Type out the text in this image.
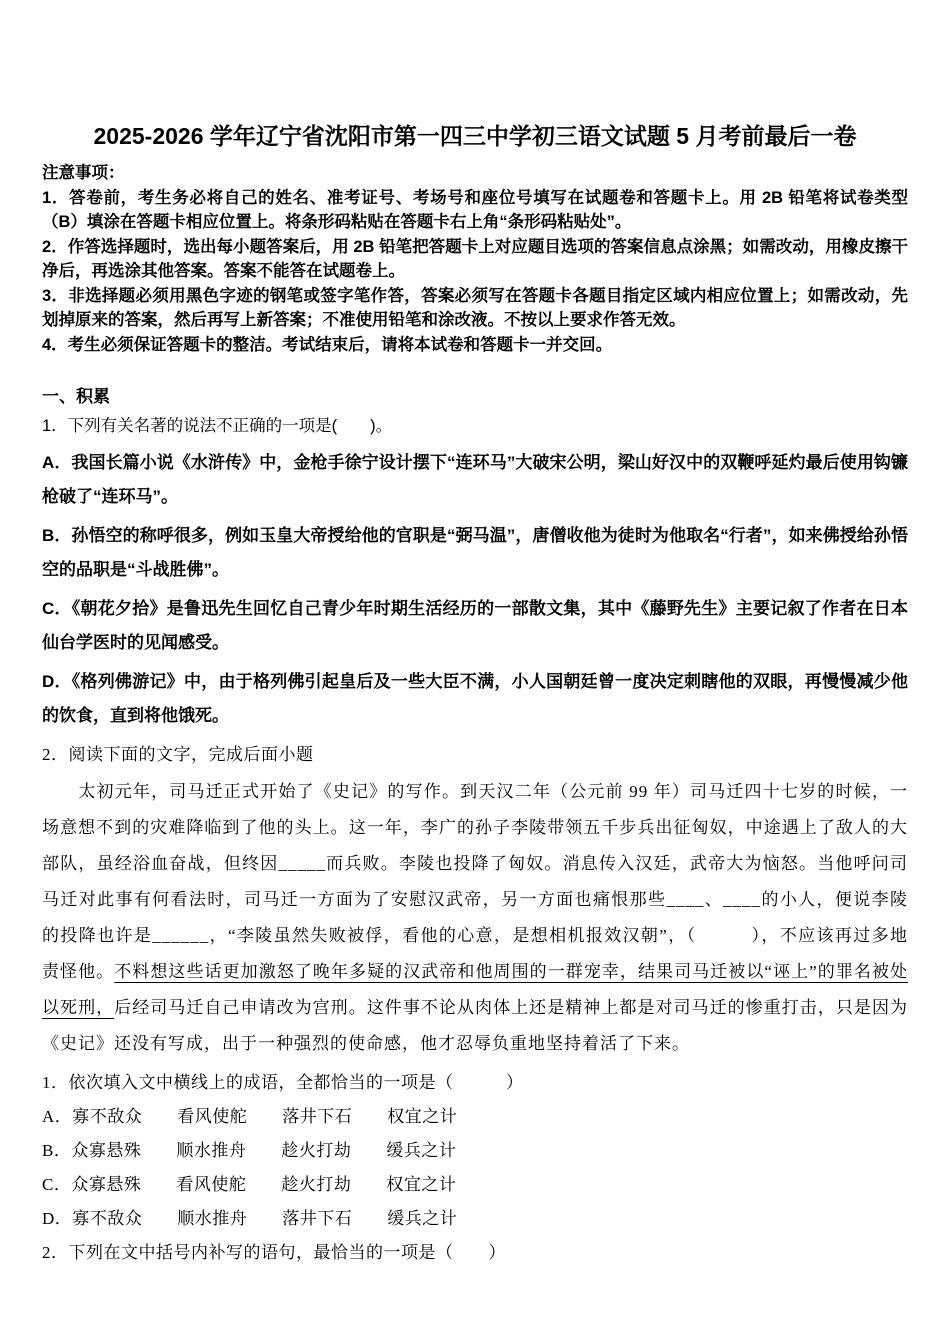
2025-2026 学年辽宁省沈阳市第一四三中学初三语文试题 5 月考前最后一卷
注意事项：
1．答卷前，考生务必将自己的姓名、准考证号、考场号和座位号填写在试题卷和答题卡上。用 2B 铅笔将试卷类型（B）填涂在答题卡相应位置上。将条形码粘贴在答题卡右上角“条形码粘贴处”。
2．作答选择题时，选出每小题答案后，用 2B 铅笔把答题卡上对应题目选项的答案信息点涂黑；如需改动，用橡皮擦干净后，再选涂其他答案。答案不能答在试题卷上。
3．非选择题必须用黑色字迹的钢笔或签字笔作答，答案必须写在答题卡各题目指定区域内相应位置上；如需改动，先划掉原来的答案，然后再写上新答案；不准使用铅笔和涂改液。不按以上要求作答无效。
4．考生必须保证答题卡的整洁。考试结束后，请将本试卷和答题卡一并交回。
一、积累
1．下列有关名著的说法不正确的一项是(　　)。
A．我国长篇小说《水浒传》中，金枪手徐宁设计摆下“连环马”大破宋公明，梁山好汉中的双鞭呼延灼最后使用钩镰枪破了“连环马”。
B．孙悟空的称呼很多，例如玉皇大帝授给他的官职是“弼马温”，唐僧收他为徒时为他取名“行者”，如来佛授给孙悟空的品职是“斗战胜佛”。
C．《朝花夕拾》是鲁迅先生回忆自己青少年时期生活经历的一部散文集，其中《藤野先生》主要记叙了作者在日本仙台学医时的见闻感受。
D．《格列佛游记》中，由于格列佛引起皇后及一些大臣不满，小人国朝廷曾一度决定刺瞎他的双眼，再慢慢减少他的饮食，直到将他饿死。
2．阅读下面的文字，完成后面小题
　　太初元年，司马迁正式开始了《史记》的写作。到天汉二年（公元前 99 年）司马迁四十七岁的时候，一场意想不到的灾难降临到了他的头上。这一年，李广的孙子李陵带领五千步兵出征匈奴，中途遇上了敌人的大部队，虽经浴血奋战，但终因_____而兵败。李陵也投降了匈奴。消息传入汉廷，武帝大为恼怒。当他呼问司马迁对此事有何看法时，司马迁一方面为了安慰汉武帝，另一方面也痛恨那些____、____的小人，便说李陵的投降也许是______，“李陵虽然失败被俘，看他的心意，是想相机报效汉朝”，（　　　），不应该再过多地责怪他。不料想这些话更加激怒了晚年多疑的汉武帝和他周围的一群宠幸，结果司马迁被以“诬上”的罪名被处以死刑，后经司马迁自己申请改为宫刑。这件事不论从肉体上还是精神上都是对司马迁的惨重打击，只是因为《史记》还没有写成，出于一种强烈的使命感，他才忍辱负重地坚持着活了下来。
1．依次填入文中横线上的成语，全都恰当的一项是（　　　）
A．寡不敌众　　看风使舵　　落井下石　　权宜之计
B．众寡悬殊　　顺水推舟　　趁火打劫　　缓兵之计
C．众寡悬殊　　看风使舵　　趁火打劫　　权宜之计
D．寡不敌众　　顺水推舟　　落井下石　　缓兵之计
2．下列在文中括号内补写的语句，最恰当的一项是（　　）
